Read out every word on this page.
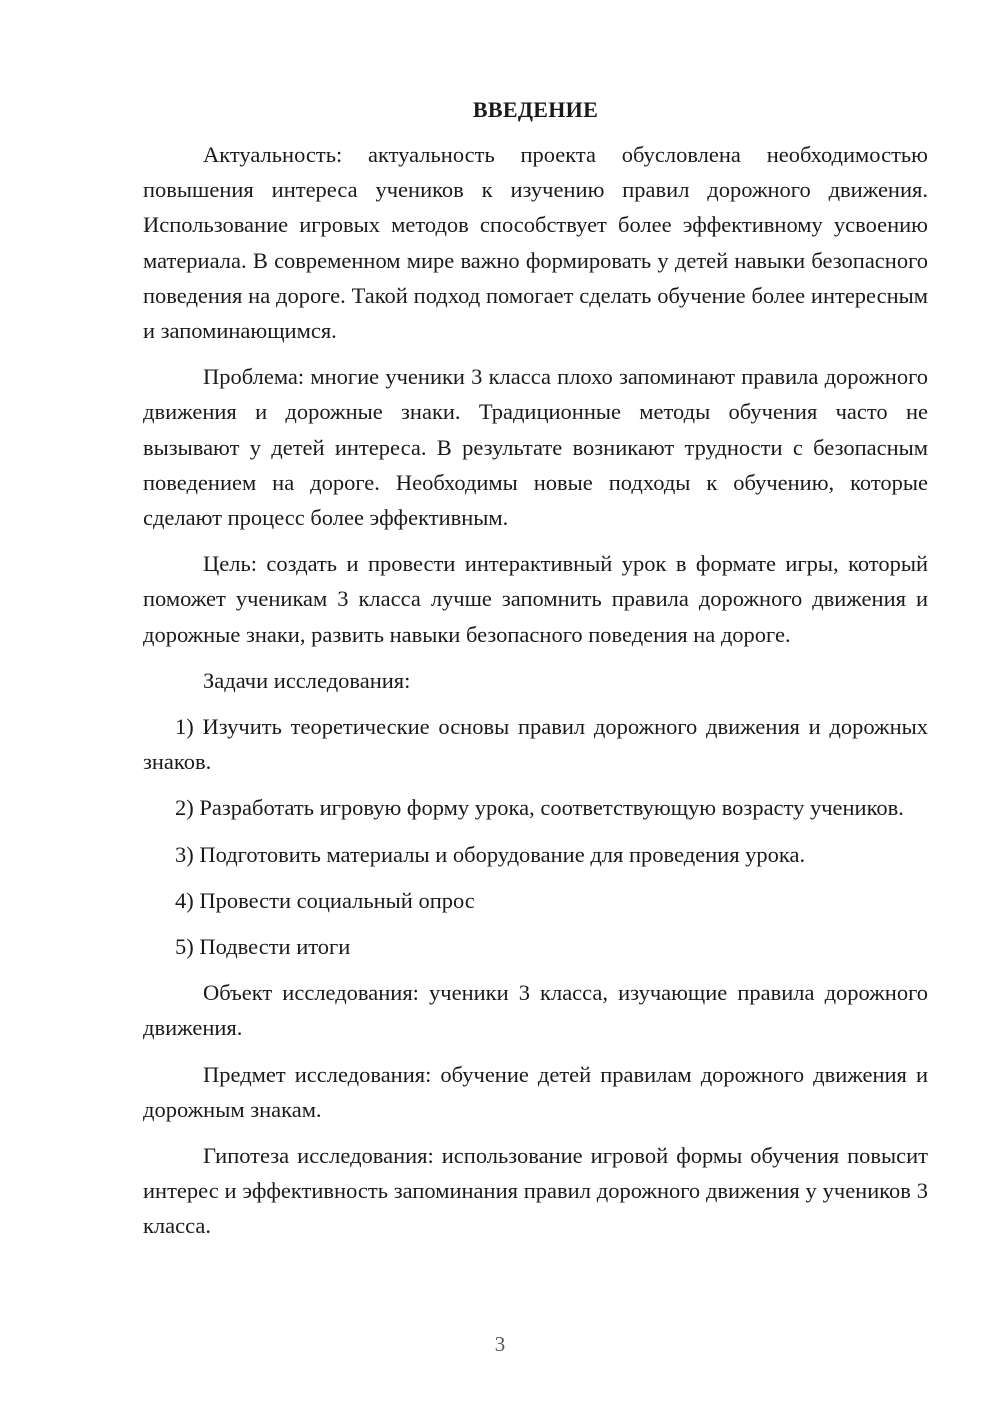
ВВЕДЕНИЕ

Актуальность: актуальность проекта обусловлена необходимостью повышения интереса учеников к изучению правил дорожного движения. Использование игровых методов способствует более эффективному усвоению материала. В современном мире важно формировать у детей навыки безопасного поведения на дороге. Такой подход помогает сделать обучение более интересным и запоминающимся.

Проблема: многие ученики 3 класса плохо запоминают правила дорожного движения и дорожные знаки. Традиционные методы обучения часто не вызывают у детей интереса. В результате возникают трудности с безопасным поведением на дороге. Необходимы новые подходы к обучению, которые сделают процесс более эффективным.

Цель: создать и провести интерактивный урок в формате игры, который поможет ученикам 3 класса лучше запомнить правила дорожного движения и дорожные знаки, развить навыки безопасного поведения на дороге.

Задачи исследования:

1) Изучить теоретические основы правил дорожного движения и дорожных знаков.

2) Разработать игровую форму урока, соответствующую возрасту учеников.

3) Подготовить материалы и оборудование для проведения урока.

4) Провести социальный опрос

5) Подвести итоги

Объект исследования: ученики 3 класса, изучающие правила дорожного движения.

Предмет исследования: обучение детей правилам дорожного движения и дорожным знакам.

Гипотеза исследования: использование игровой формы обучения повысит интерес и эффективность запоминания правил дорожного движения у учеников 3 класса.

3
